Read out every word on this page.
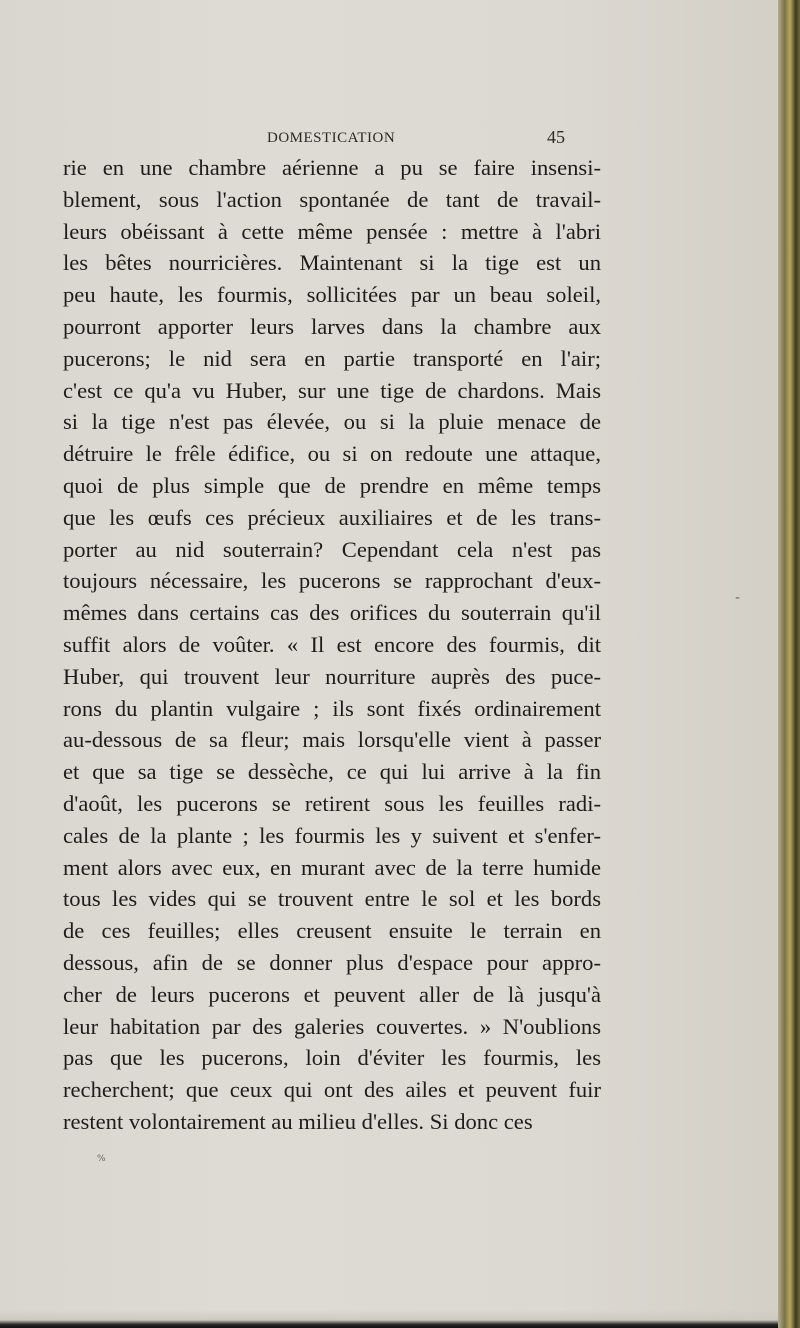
DOMESTICATION	45

rie en une chambre aérienne a pu se faire insensi-
blement, sous l'action spontanée de tant de travail-
leurs obéissant à cette même pensée : mettre à l'abri
les bêtes nourricières. Maintenant si la tige est un
peu haute, les fourmis, sollicitées par un beau soleil,
pourront apporter leurs larves dans la chambre aux
pucerons; le nid sera en partie transporté en l'air;
c'est ce qu'a vu Huber, sur une tige de chardons. Mais
si la tige n'est pas élevée, ou si la pluie menace de
détruire le frêle édifice, ou si on redoute une attaque,
quoi de plus simple que de prendre en même temps
que les œufs ces précieux auxiliaires et de les trans-
porter au nid souterrain? Cependant cela n'est pas
toujours nécessaire, les pucerons se rapprochant d'eux-
mêmes dans certains cas des orifices du souterrain qu'il
suffit alors de voûter. « Il est encore des fourmis, dit
Huber, qui trouvent leur nourriture auprès des puce-
rons du plantin vulgaire ; ils sont fixés ordinairement
au-dessous de sa fleur; mais lorsqu'elle vient à passer
et que sa tige se dessèche, ce qui lui arrive à la fin
d'août, les pucerons se retirent sous les feuilles radi-
cales de la plante ; les fourmis les y suivent et s'enfer-
ment alors avec eux, en murant avec de la terre humide
tous les vides qui se trouvent entre le sol et les bords
de ces feuilles; elles creusent ensuite le terrain en
dessous, afin de se donner plus d'espace pour appro-
cher de leurs pucerons et peuvent aller de là jusqu'à
leur habitation par des galeries couvertes. » N'oublions
pas que les pucerons, loin d'éviter les fourmis, les
recherchent; que ceux qui ont des ailes et peuvent fuir
restent volontairement au milieu d'elles. Si donc ces

-
%
